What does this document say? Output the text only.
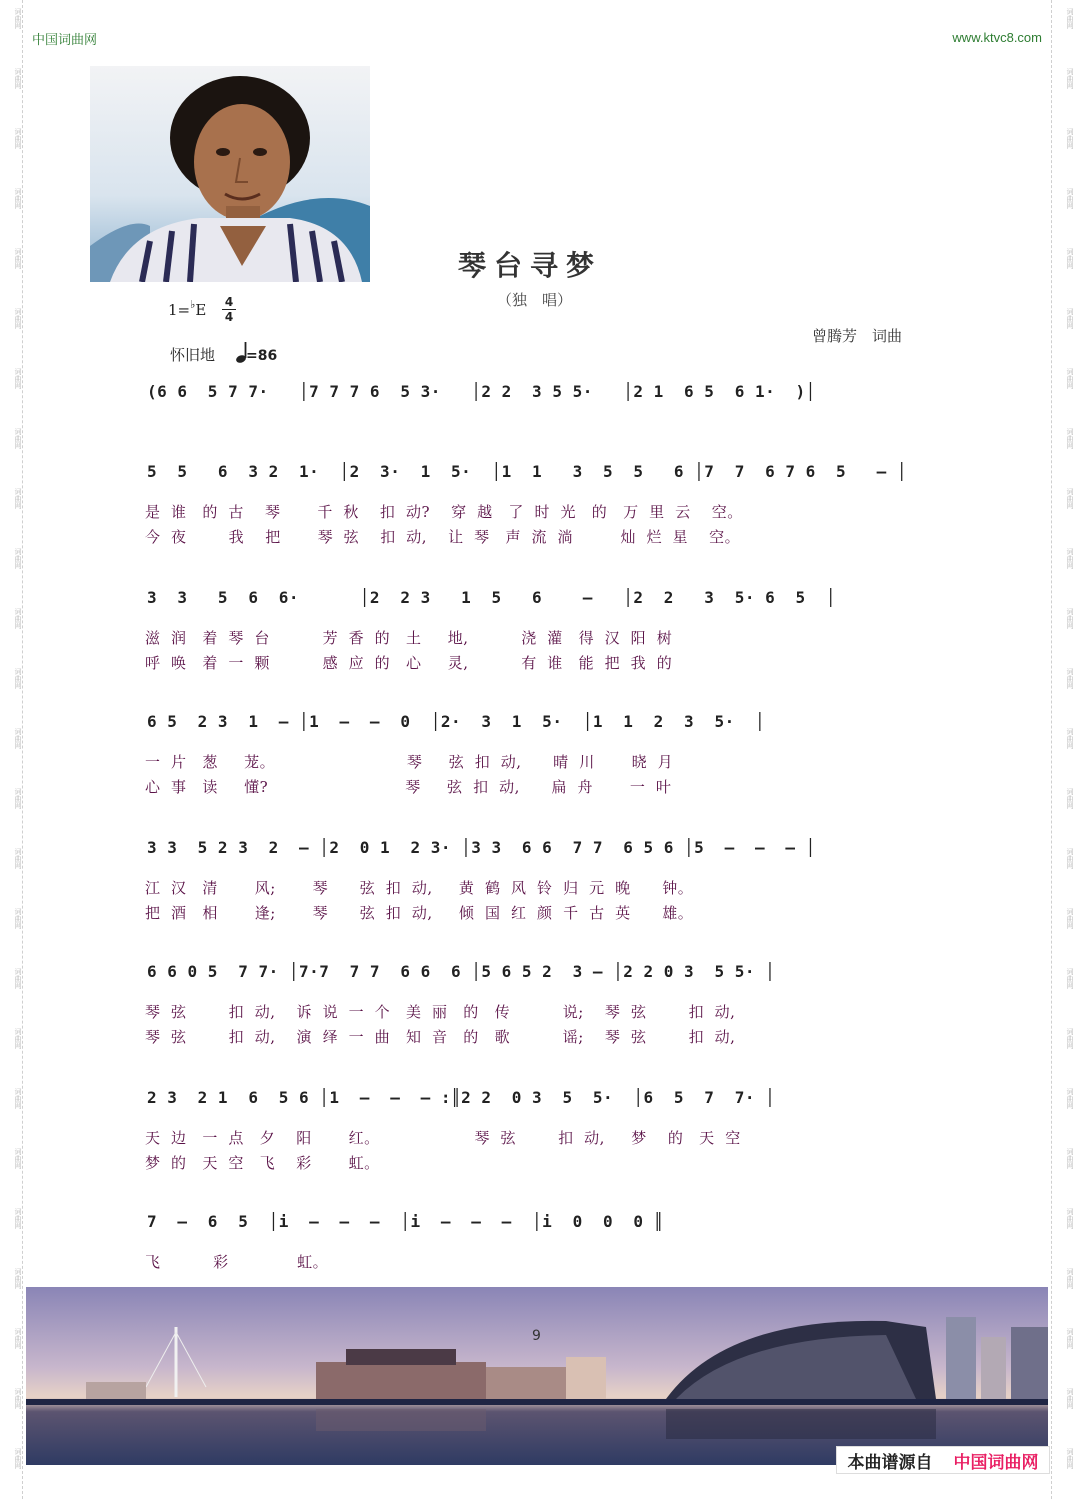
词曲网	词曲网
词曲网	词曲网
词曲网	词曲网
词曲网	词曲网
词曲网	词曲网
词曲网	词曲网
词曲网	词曲网
词曲网	词曲网
词曲网	词曲网
词曲网	词曲网
词曲网	词曲网
词曲网	词曲网
词曲网	词曲网
词曲网	词曲网
词曲网	词曲网
词曲网	词曲网
词曲网	词曲网
词曲网	词曲网
词曲网	词曲网
词曲网	词曲网
词曲网	词曲网
词曲网	词曲网
词曲网	词曲网
词曲网	词曲网
词曲网	词曲网
中国词曲网	www.ktvc8.com
琴台寻梦
（独　唱）
1=♭E 4
4
怀旧地 =86
曾腾芳　词曲
(6 6  5 7 7·   │7 7 7 6  5 3·   │2 2  3 5 5·   │2 1  6 5  6 1·  )│
5  5   6  3 2  1·  │2  3·  1  5·  │1  1   3  5  5   6 │7  7  6 7 6  5   – │
是  谁   的  古    琴       千  秋    扣  动?    穿  越   了  时  光   的   万  里  云    空。
今  夜        我    把       琴  弦    扣  动,    让  琴   声  流  淌         灿  烂  星    空。
3  3   5  6  6·      │2  2 3   1  5   6    –   │2  2   3  5· 6  5  │
滋  润   着  琴  台          芳  香  的   土     地,          浇  灌   得  汉  阳  树
呼  唤   着  一  颗          感  应  的   心     灵,          有  谁   能  把  我  的
6 5  2 3  1  – │1  –  –  0  │2·  3  1  5·  │1  1  2  3  5·  │
一  片   葱     茏。                         琴     弦  扣  动,      晴  川       晓  月
心  事   读     懂?                          琴     弦  扣  动,      扁  舟       一  叶
3 3  5 2 3  2  – │2  0 1  2 3· │3 3  6 6  7 7  6 5 6 │5  –  –  – │
江  汉   清       风;       琴      弦  扣  动,     黄  鹤  风  铃  归  元  晚      钟。
把  酒   相       逢;       琴      弦  扣  动,     倾  国  红  颜  千  古  英      雄。
6 6 0 5  7 7· │7·7  7 7  6 6  6 │5 6 5 2  3 – │2 2 0 3  5 5· │
琴  弦        扣  动,    诉  说  一  个   美  丽   的   传          说;    琴  弦        扣  动,
琴  弦        扣  动,    演  绎  一  曲   知  音   的   歌          谣;    琴  弦        扣  动,
2 3  2 1  6  5 6 │1  –  –  – :║2 2  0 3  5  5·  │6  5  7  7· │
天  边   一  点   夕    阳       红。                  琴  弦        扣  动,     梦    的   天  空
梦  的   天  空   飞    彩       虹。
7  –  6  5  │i  –  –  –  │i  –  –  –  │i  0  0  0 ║
飞          彩             虹。
9
本曲谱源自 中国词曲网
